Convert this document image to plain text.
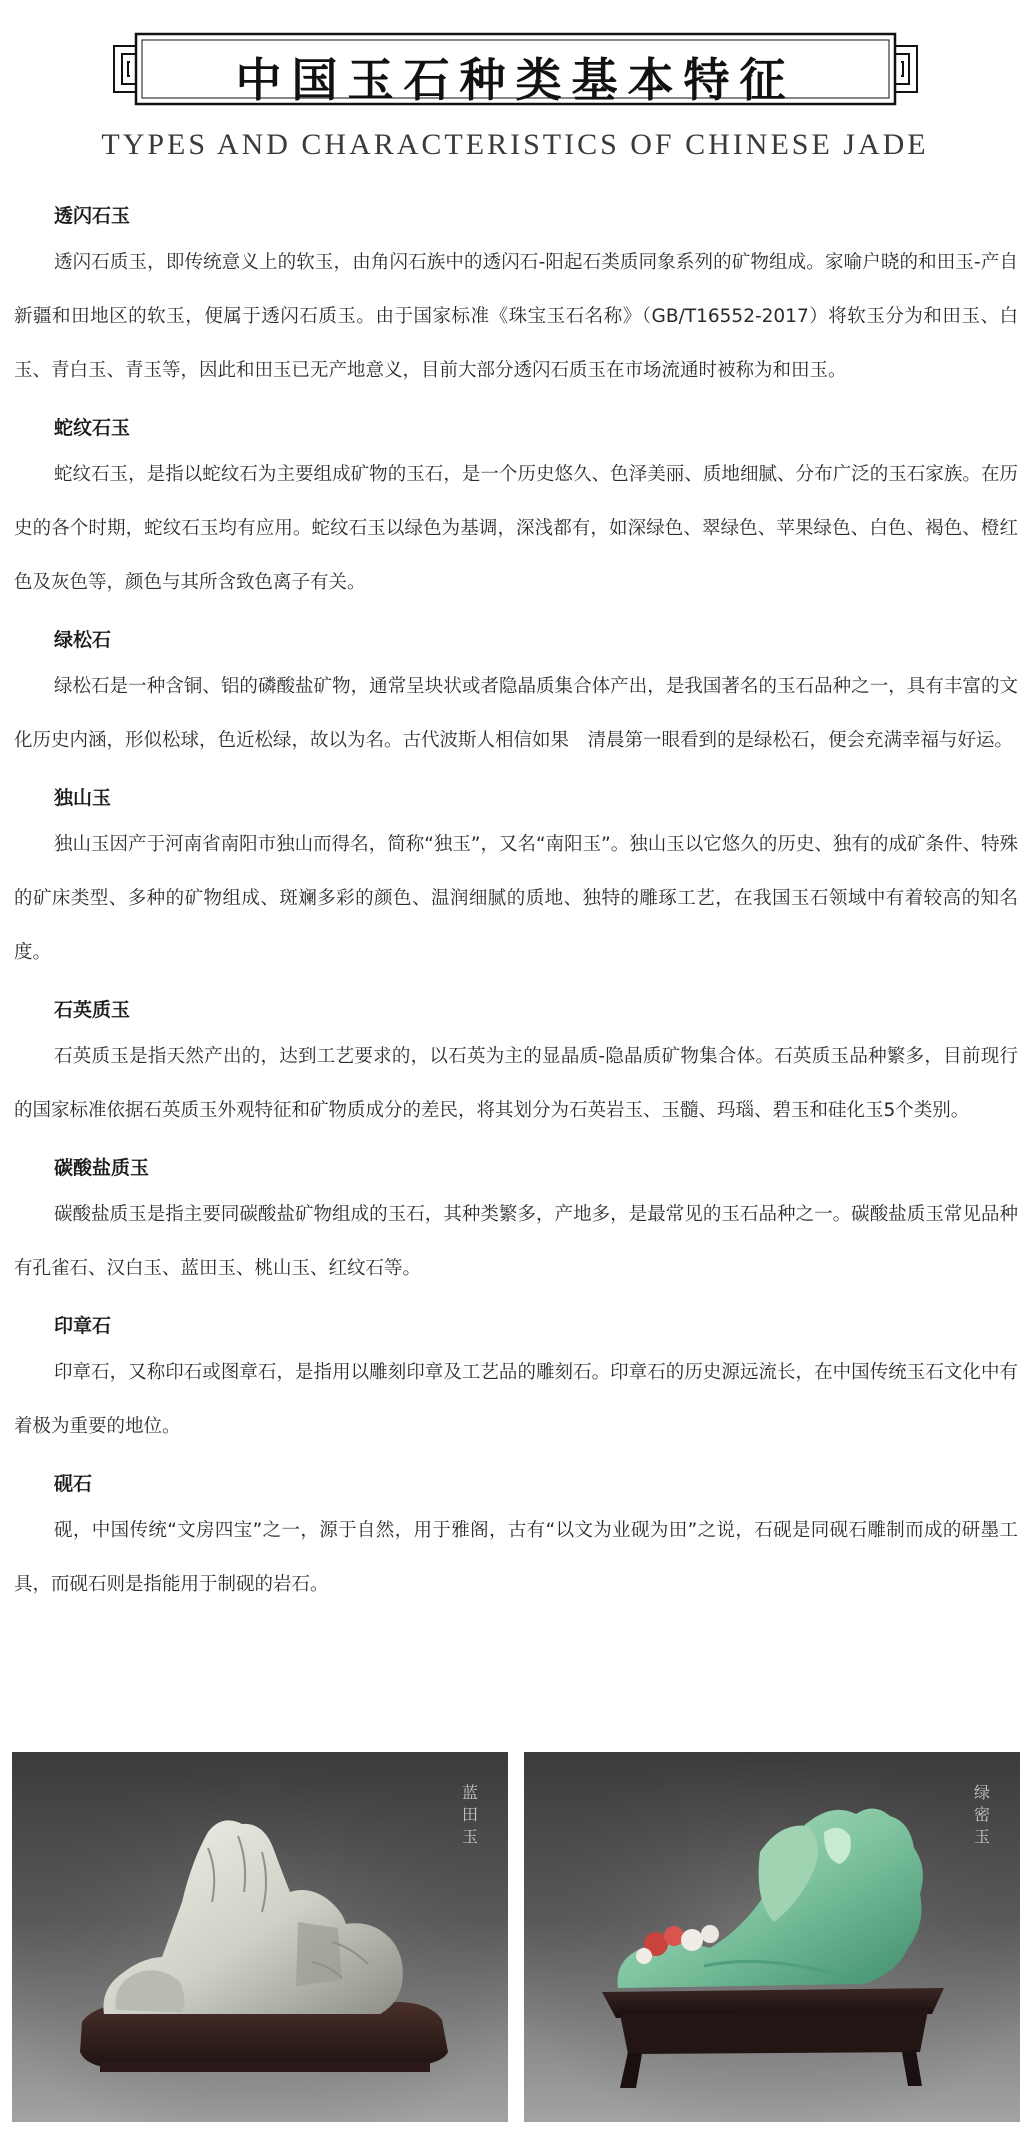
中国玉石种类基本特征
TYPES AND CHARACTERISTICS OF CHINESE JADE
透闪石玉

透闪石质玉，即传统意义上的软玉，由角闪石族中的透闪石-阳起石类质同象系列的矿物组成。家喻户晓的和田玉-产自新疆和田地区的软玉，便属于透闪石质玉。由于国家标准《珠宝玉石名称》（GB/T16552-2017）将软玉分为和田玉、白玉、青白玉、青玉等，因此和田玉已无产地意义，目前大部分透闪石质玉在市场流通时被称为和田玉。

蛇纹石玉

蛇纹石玉，是指以蛇纹石为主要组成矿物的玉石，是一个历史悠久、色泽美丽、质地细腻、分布广泛的玉石家族。在历史的各个时期，蛇纹石玉均有应用。蛇纹石玉以绿色为基调，深浅都有，如深绿色、翠绿色、苹果绿色、白色、褐色、橙红色及灰色等，颜色与其所含致色离子有关。

绿松石

绿松石是一种含铜、铝的磷酸盐矿物，通常呈块状或者隐晶质集合体产出，是我国著名的玉石品种之一，具有丰富的文化历史内涵，形似松球，色近松绿，故以为名。古代波斯人相信如果　清晨第一眼看到的是绿松石，便会充满幸福与好运。

独山玉

独山玉因产于河南省南阳市独山而得名，简称“独玉”，又名“南阳玉”。独山玉以它悠久的历史、独有的成矿条件、特殊的矿床类型、多种的矿物组成、斑斓多彩的颜色、温润细腻的质地、独特的雕琢工艺，在我国玉石领域中有着较高的知名度。

石英质玉

石英质玉是指天然产出的，达到工艺要求的，以石英为主的显晶质-隐晶质矿物集合体。石英质玉品种繁多，目前现行的国家标准依据石英质玉外观特征和矿物质成分的差民，将其划分为石英岩玉、玉髓、玛瑙、碧玉和硅化玉5个类别。

碳酸盐质玉

碳酸盐质玉是指主要同碳酸盐矿物组成的玉石，其种类繁多，产地多，是最常见的玉石品种之一。碳酸盐质玉常见品种有孔雀石、汉白玉、蓝田玉、桃山玉、红纹石等。

印章石

印章石，又称印石或图章石，是指用以雕刻印章及工艺品的雕刻石。印章石的历史源远流长，在中国传统玉石文化中有着极为重要的地位。

砚石

砚，中国传统“文房四宝”之一，源于自然，用于雅阁，古有“以文为业砚为田”之说，石砚是同砚石雕制而成的研墨工具，而砚石则是指能用于制砚的岩石。

蓝田玉
绿密玉
